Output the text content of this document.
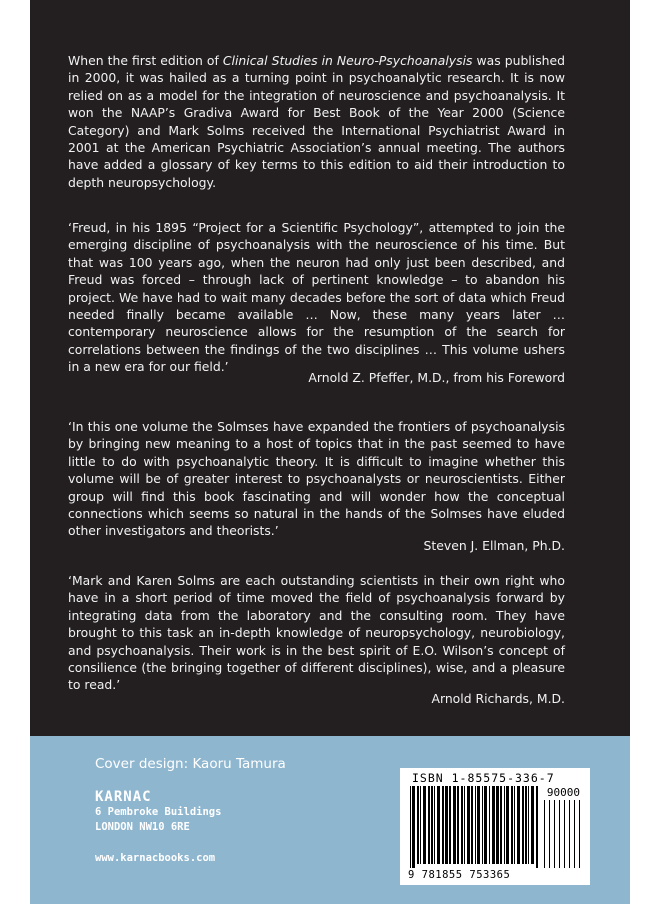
When the first edition of Clinical Studies in Neuro-Psychoanalysis was published in 2000, it was hailed as a turning point in psychoanalytic research. It is now relied on as a model for the integration of neuroscience and psychoanalysis. It won the NAAP’s Gradiva Award for Best Book of the Year 2000 (Science Category) and Mark Solms received the International Psychiatrist Award in 2001 at the American Psychiatric Association’s annual meeting. The authors have added a glossary of key terms to this edition to aid their introduction to depth neuropsychology.

‘Freud, in his 1895 “Project for a Scientific Psychology”, attempted to join the emerging discipline of psychoanalysis with the neuroscience of his time. But that was 100 years ago, when the neuron had only just been described, and Freud was forced – through lack of pertinent knowledge – to abandon his project. We have had to wait many decades before the sort of data which Freud needed finally became available … Now, these many years later … contemporary neuroscience allows for the resumption of the search for correlations between the findings of the two disciplines … This volume ushers in a new era for our field.’

Arnold Z. Pfeffer, M.D., from his Foreword

‘In this one volume the Solmses have expanded the frontiers of psychoanalysis by bringing new meaning to a host of topics that in the past seemed to have little to do with psychoanalytic theory. It is difficult to imagine whether this volume will be of greater interest to psychoanalysts or neuroscientists. Either group will find this book fascinating and will wonder how the conceptual connections which seems so natural in the hands of the Solmses have eluded other investigators and theorists.’

Steven J. Ellman, Ph.D.

‘Mark and Karen Solms are each outstanding scientists in their own right who have in a short period of time moved the field of psychoanalysis forward by integrating data from the laboratory and the consulting room. They have brought to this task an in-depth knowledge of neuropsychology, neurobiology, and psychoanalysis. Their work is in the best spirit of E.O. Wilson’s concept of consilience (the bringing together of different disciplines), wise, and a pleasure to read.’

Arnold Richards, M.D.

Cover design: Kaoru Tamura
KARNAC
6 Pembroke Buildings
LONDON NW10 6RE
www.karnacbooks.com
ISBN 1-85575-336-7
90000
9 781855 753365
